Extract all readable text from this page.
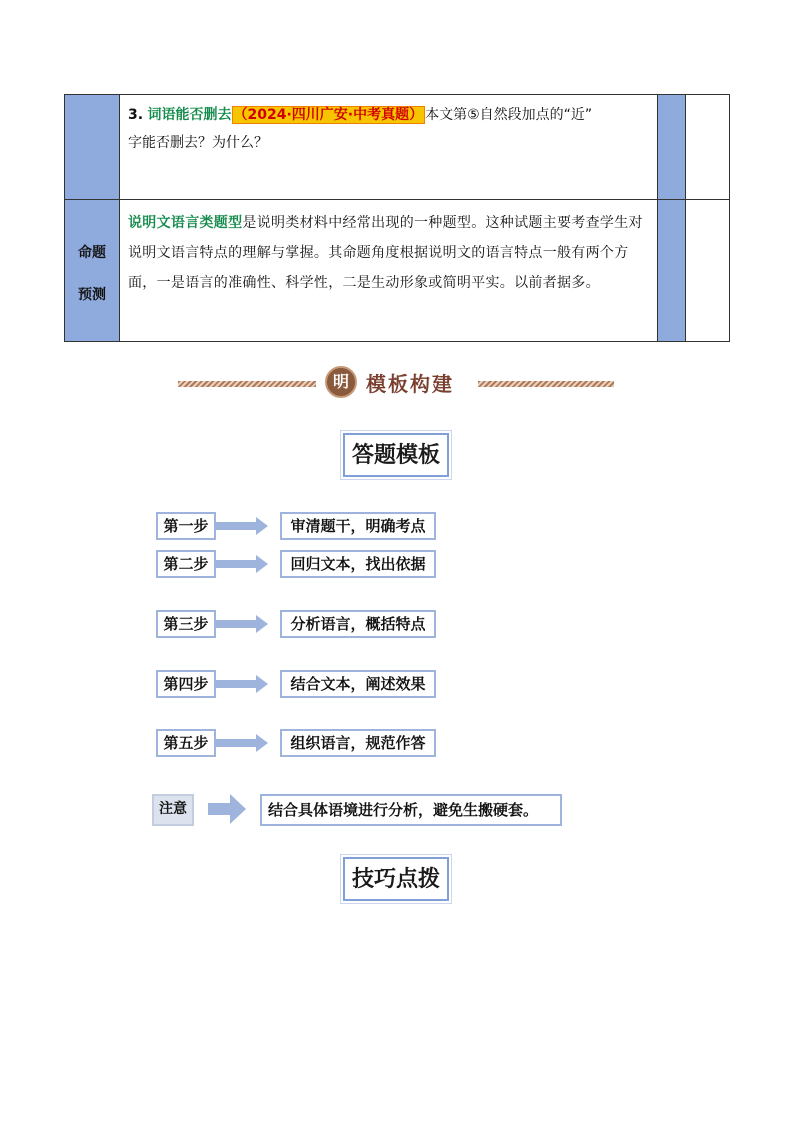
3. 词语能否删去 （2024·四川广安·中考真题） 本文第⑤自然段加点的“近”
字能否删去？为什么？
命题
预测
说明文语言类题型是说明类材料中经常出现的一种题型。这种试题主要考查学生对说明文语言特点的理解与掌握。其命题角度根据说明文的语言特点一般有两个方面，一是语言的准确性、科学性，二是生动形象或简明平实。以前者据多。
明 模板构建
答题模板
第一步	审清题干，明确考点
第二步	回归文本，找出依据
第三步	分析语言，概括特点
第四步	结合文本，阐述效果
第五步	组织语言，规范作答
注意	结合具体语境进行分析，避免生搬硬套。
技巧点拨
